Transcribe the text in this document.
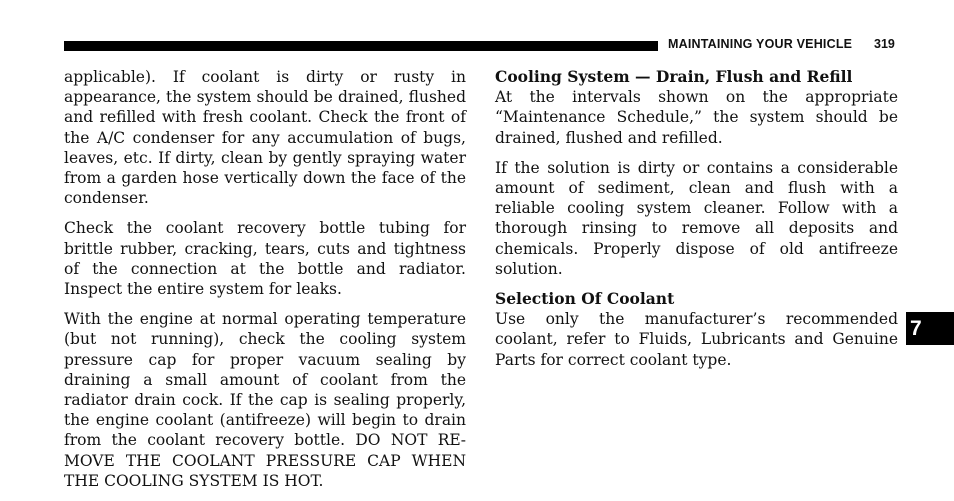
MAINTAINING YOUR VEHICLE 319

applicable). If coolant is dirty or rusty in appearance, the system should be drained, flushed and refilled with fresh coolant. Check the front of the A/C condenser for any accumulation of bugs, leaves, etc. If dirty, clean by gently spraying water from a garden hose vertically down the face of the condenser.

Check the coolant recovery bottle tubing for brittle rubber, cracking, tears, cuts and tightness of the connection at the bottle and radiator. Inspect the entire system for leaks.

With the engine at normal operating temperature (but not running), check the cooling system pressure cap for proper vacuum sealing by draining a small amount of coolant from the radiator drain cock. If the cap is sealing properly, the engine coolant (antifreeze) will begin to drain from the coolant recovery bottle. DO NOT REMOVE THE COOLANT PRESSURE CAP WHEN THE COOLING SYSTEM IS HOT.

Cooling System — Drain, Flush and Refill

At the intervals shown on the appropriate “Maintenance Schedule,” the system should be drained, flushed and refilled.

If the solution is dirty or contains a considerable amount of sediment, clean and flush with a reliable cooling system cleaner. Follow with a thorough rinsing to remove all deposits and chemicals. Properly dispose of old antifreeze solution.

Selection Of Coolant

Use only the manufacturer’s recommended coolant, refer to Fluids, Lubricants and Genuine Parts for correct coolant type.

7
